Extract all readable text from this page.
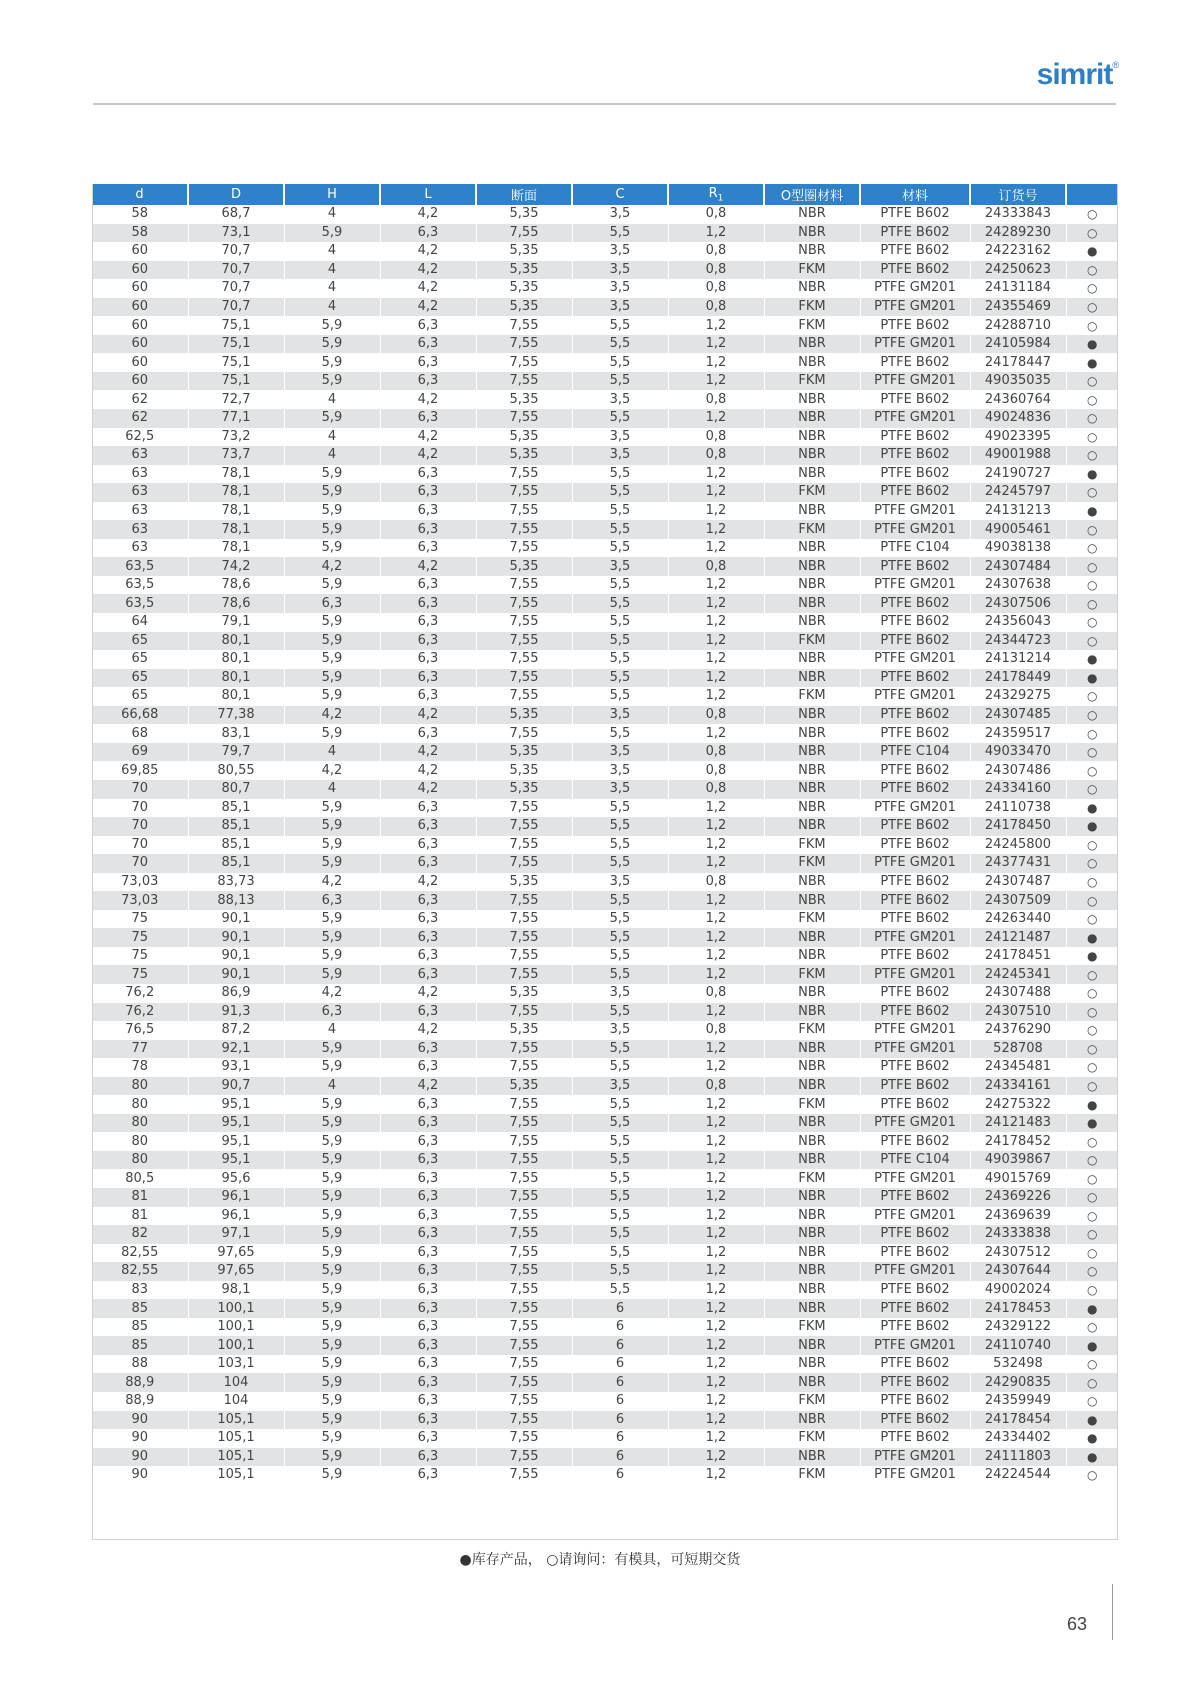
simrit®
d	D	H	L	断面	C	$R_1$	O型圈材料	材料	订货号	
58	68,7	4	4,2	5,35	3,5	0,8	NBR	PTFE B602	24333843	○
58	73,1	5,9	6,3	7,55	5,5	1,2	NBR	PTFE B602	24289230	○
60	70,7	4	4,2	5,35	3,5	0,8	NBR	PTFE B602	24223162	●
60	70,7	4	4,2	5,35	3,5	0,8	FKM	PTFE B602	24250623	○
60	70,7	4	4,2	5,35	3,5	0,8	NBR	PTFE GM201	24131184	○
60	70,7	4	4,2	5,35	3,5	0,8	FKM	PTFE GM201	24355469	○
60	75,1	5,9	6,3	7,55	5,5	1,2	FKM	PTFE B602	24288710	○
60	75,1	5,9	6,3	7,55	5,5	1,2	NBR	PTFE GM201	24105984	●
60	75,1	5,9	6,3	7,55	5,5	1,2	NBR	PTFE B602	24178447	●
60	75,1	5,9	6,3	7,55	5,5	1,2	FKM	PTFE GM201	49035035	○
62	72,7	4	4,2	5,35	3,5	0,8	NBR	PTFE B602	24360764	○
62	77,1	5,9	6,3	7,55	5,5	1,2	NBR	PTFE GM201	49024836	○
62,5	73,2	4	4,2	5,35	3,5	0,8	NBR	PTFE B602	49023395	○
63	73,7	4	4,2	5,35	3,5	0,8	NBR	PTFE B602	49001988	○
63	78,1	5,9	6,3	7,55	5,5	1,2	NBR	PTFE B602	24190727	●
63	78,1	5,9	6,3	7,55	5,5	1,2	FKM	PTFE B602	24245797	○
63	78,1	5,9	6,3	7,55	5,5	1,2	NBR	PTFE GM201	24131213	●
63	78,1	5,9	6,3	7,55	5,5	1,2	FKM	PTFE GM201	49005461	○
63	78,1	5,9	6,3	7,55	5,5	1,2	NBR	PTFE C104	49038138	○
63,5	74,2	4,2	4,2	5,35	3,5	0,8	NBR	PTFE B602	24307484	○
63,5	78,6	5,9	6,3	7,55	5,5	1,2	NBR	PTFE GM201	24307638	○
63,5	78,6	6,3	6,3	7,55	5,5	1,2	NBR	PTFE B602	24307506	○
64	79,1	5,9	6,3	7,55	5,5	1,2	NBR	PTFE B602	24356043	○
65	80,1	5,9	6,3	7,55	5,5	1,2	FKM	PTFE B602	24344723	○
65	80,1	5,9	6,3	7,55	5,5	1,2	NBR	PTFE GM201	24131214	●
65	80,1	5,9	6,3	7,55	5,5	1,2	NBR	PTFE B602	24178449	●
65	80,1	5,9	6,3	7,55	5,5	1,2	FKM	PTFE GM201	24329275	○
66,68	77,38	4,2	4,2	5,35	3,5	0,8	NBR	PTFE B602	24307485	○
68	83,1	5,9	6,3	7,55	5,5	1,2	NBR	PTFE B602	24359517	○
69	79,7	4	4,2	5,35	3,5	0,8	NBR	PTFE C104	49033470	○
69,85	80,55	4,2	4,2	5,35	3,5	0,8	NBR	PTFE B602	24307486	○
70	80,7	4	4,2	5,35	3,5	0,8	NBR	PTFE B602	24334160	○
70	85,1	5,9	6,3	7,55	5,5	1,2	NBR	PTFE GM201	24110738	●
70	85,1	5,9	6,3	7,55	5,5	1,2	NBR	PTFE B602	24178450	●
70	85,1	5,9	6,3	7,55	5,5	1,2	FKM	PTFE B602	24245800	○
70	85,1	5,9	6,3	7,55	5,5	1,2	FKM	PTFE GM201	24377431	○
73,03	83,73	4,2	4,2	5,35	3,5	0,8	NBR	PTFE B602	24307487	○
73,03	88,13	6,3	6,3	7,55	5,5	1,2	NBR	PTFE B602	24307509	○
75	90,1	5,9	6,3	7,55	5,5	1,2	FKM	PTFE B602	24263440	○
75	90,1	5,9	6,3	7,55	5,5	1,2	NBR	PTFE GM201	24121487	●
75	90,1	5,9	6,3	7,55	5,5	1,2	NBR	PTFE B602	24178451	●
75	90,1	5,9	6,3	7,55	5,5	1,2	FKM	PTFE GM201	24245341	○
76,2	86,9	4,2	4,2	5,35	3,5	0,8	NBR	PTFE B602	24307488	○
76,2	91,3	6,3	6,3	7,55	5,5	1,2	NBR	PTFE B602	24307510	○
76,5	87,2	4	4,2	5,35	3,5	0,8	FKM	PTFE GM201	24376290	○
77	92,1	5,9	6,3	7,55	5,5	1,2	NBR	PTFE GM201	528708	○
78	93,1	5,9	6,3	7,55	5,5	1,2	NBR	PTFE B602	24345481	○
80	90,7	4	4,2	5,35	3,5	0,8	NBR	PTFE B602	24334161	○
80	95,1	5,9	6,3	7,55	5,5	1,2	FKM	PTFE B602	24275322	●
80	95,1	5,9	6,3	7,55	5,5	1,2	NBR	PTFE GM201	24121483	●
80	95,1	5,9	6,3	7,55	5,5	1,2	NBR	PTFE B602	24178452	○
80	95,1	5,9	6,3	7,55	5,5	1,2	NBR	PTFE C104	49039867	○
80,5	95,6	5,9	6,3	7,55	5,5	1,2	FKM	PTFE GM201	49015769	○
81	96,1	5,9	6,3	7,55	5,5	1,2	NBR	PTFE B602	24369226	○
81	96,1	5,9	6,3	7,55	5,5	1,2	NBR	PTFE GM201	24369639	○
82	97,1	5,9	6,3	7,55	5,5	1,2	NBR	PTFE B602	24333838	○
82,55	97,65	5,9	6,3	7,55	5,5	1,2	NBR	PTFE B602	24307512	○
82,55	97,65	5,9	6,3	7,55	5,5	1,2	NBR	PTFE GM201	24307644	○
83	98,1	5,9	6,3	7,55	5,5	1,2	NBR	PTFE B602	49002024	○
85	100,1	5,9	6,3	7,55	6	1,2	NBR	PTFE B602	24178453	●
85	100,1	5,9	6,3	7,55	6	1,2	FKM	PTFE B602	24329122	○
85	100,1	5,9	6,3	7,55	6	1,2	NBR	PTFE GM201	24110740	●
88	103,1	5,9	6,3	7,55	6	1,2	NBR	PTFE B602	532498	○
88,9	104	5,9	6,3	7,55	6	1,2	NBR	PTFE B602	24290835	○
88,9	104	5,9	6,3	7,55	6	1,2	FKM	PTFE B602	24359949	○
90	105,1	5,9	6,3	7,55	6	1,2	NBR	PTFE B602	24178454	●
90	105,1	5,9	6,3	7,55	6	1,2	FKM	PTFE B602	24334402	●
90	105,1	5,9	6,3	7,55	6	1,2	NBR	PTFE GM201	24111803	●
90	105,1	5,9	6,3	7,55	6	1,2	FKM	PTFE GM201	24224544	○
●库存产品， ○请询问：有模具，可短期交货
63
